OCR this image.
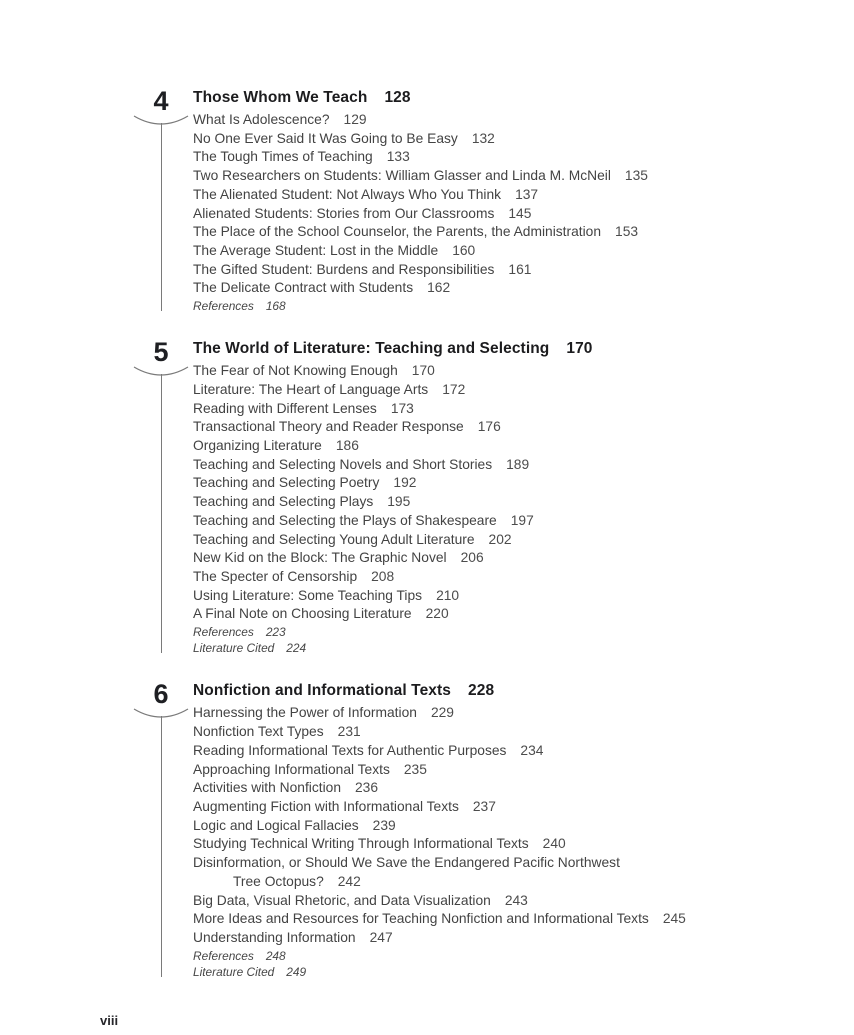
4	Those Whom We Teach 128
What Is Adolescence? 129
No One Ever Said It Was Going to Be Easy 132
The Tough Times of Teaching 133
Two Researchers on Students: William Glasser and Linda M. McNeil 135
The Alienated Student: Not Always Who You Think 137
Alienated Students: Stories from Our Classrooms 145
The Place of the School Counselor, the Parents, the Administration 153
The Average Student: Lost in the Middle 160
The Gifted Student: Burdens and Responsibilities 161
The Delicate Contract with Students 162
References 168
5	The World of Literature: Teaching and Selecting 170
The Fear of Not Knowing Enough 170
Literature: The Heart of Language Arts 172
Reading with Different Lenses 173
Transactional Theory and Reader Response 176
Organizing Literature 186
Teaching and Selecting Novels and Short Stories 189
Teaching and Selecting Poetry 192
Teaching and Selecting Plays 195
Teaching and Selecting the Plays of Shakespeare 197
Teaching and Selecting Young Adult Literature 202
New Kid on the Block: The Graphic Novel 206
The Specter of Censorship 208
Using Literature: Some Teaching Tips 210
A Final Note on Choosing Literature 220
References 223
Literature Cited 224
6	Nonfiction and Informational Texts 228
Harnessing the Power of Information 229
Nonfiction Text Types 231
Reading Informational Texts for Authentic Purposes 234
Approaching Informational Texts 235
Activities with Nonfiction 236
Augmenting Fiction with Informational Texts 237
Logic and Logical Fallacies 239
Studying Technical Writing Through Informational Texts 240
Disinformation, or Should We Save the Endangered Pacific Northwest
Tree Octopus? 242
Big Data, Visual Rhetoric, and Data Visualization 243
More Ideas and Resources for Teaching Nonfiction and Informational Texts 245
Understanding Information 247
References 248
Literature Cited 249
viii
